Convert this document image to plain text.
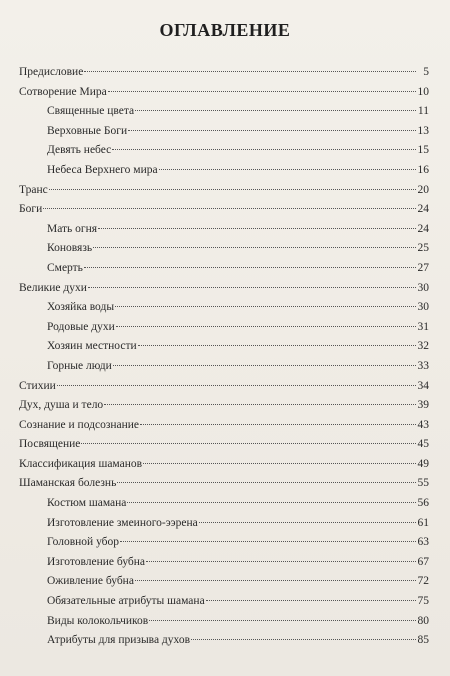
ОГЛАВЛЕНИЕ
Предисловие	5
Сотворение Мира	10
Священные цвета	11
Верховные Боги	13
Девять небес	15
Небеса Верхнего мира	16
Транс	20
Боги	24
Мать огня	24
Коновязь	25
Смерть	27
Великие духи	30
Хозяйка воды	30
Родовые духи	31
Хозяин местности	32
Горные люди	33
Стихии	34
Дух, душа и тело	39
Сознание и подсознание	43
Посвящение	45
Классификация шаманов	49
Шаманская болезнь	55
Костюм шамана	56
Изготовление змеиного-ээрена	61
Головной убор	63
Изготовление бубна	67
Оживление бубна	72
Обязательные атрибуты шамана	75
Виды колокольчиков	80
Атрибуты для призыва духов	85
